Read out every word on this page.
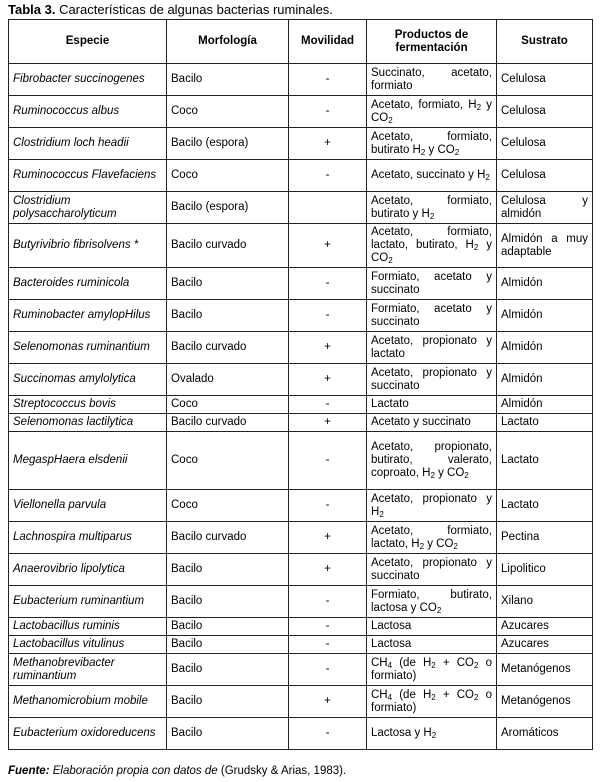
Tabla 3. Características de algunas bacterias ruminales.
Especie	Morfología	Movilidad	Productos de fermentación	Sustrato
Fibrobacter succinogenes	Bacilo	-	Succinato, acetato, formiato	Celulosa
Ruminococcus albus	Coco	-	Acetato, formiato, $H_2$ y $CO_2$	Celulosa
Clostridium loch headii	Bacilo (espora)	+	Acetato, formiato, butirato $H_2$ y $CO_2$	Celulosa
Ruminococcus Flavefaciens	Coco	-	Acetato, succinato y $H_2$	Celulosa
Clostridium polysaccharolyticum	Bacilo (espora)		Acetato, formiato, butirato y $H_2$	Celulosa y almidón
Butyrivibrio fibrisolvens *	Bacilo curvado	+	Acetato, formiato, lactato, butirato, $H_2$ y $CO_2$	Almidón a muy adaptable
Bacteroides ruminicola	Bacilo	-	Formiato, acetato y succinato	Almidón
Ruminobacter amylopHilus	Bacilo	-	Formiato, acetato y succinato	Almidón
Selenomonas ruminantium	Bacilo curvado	+	Acetato, propionato y lactato	Almidón
Succinomas amylolytica	Ovalado	+	Acetato, propionato y succinato	Almidón
Streptococcus bovis	Coco	-	Lactato	Almidón
Selenomonas lactilytica	Bacilo curvado	+	Acetato y succinato	Lactato
MegaspHaera elsdenii	Coco	-	Acetato, propionato, butirato, valerato, coproato, $H_2$ y $CO_2$	Lactato
Viellonella parvula	Coco	-	Acetato, propionato y $H_2$	Lactato
Lachnospira multiparus	Bacilo curvado	+	Acetato, formiato, lactato, $H_2$ y $CO_2$	Pectina
Anaerovibrio lipolytica	Bacilo	+	Acetato, propionato y succinato	Lipolitico
Eubacterium ruminantium	Bacilo	-	Formiato, butirato, lactosa y $CO_2$	Xilano
Lactobacillus ruminis	Bacilo	-	Lactosa	Azucares
Lactobacillus vitulinus	Bacilo	-	Lactosa	Azucares
Methanobrevibacter ruminantium	Bacilo	-	$CH_4$ (de $H_2 + CO_2$ o formiato)	Metanógenos
Methanomicrobium mobile	Bacilo	+	$CH_4$ (de $H_2 + CO_2$ o formiato)	Metanógenos
Eubacterium oxidoreducens	Bacilo	-	Lactosa y $H_2$	Aromáticos
Fuente: Elaboración propia con datos de (Grudsky & Arias, 1983).
